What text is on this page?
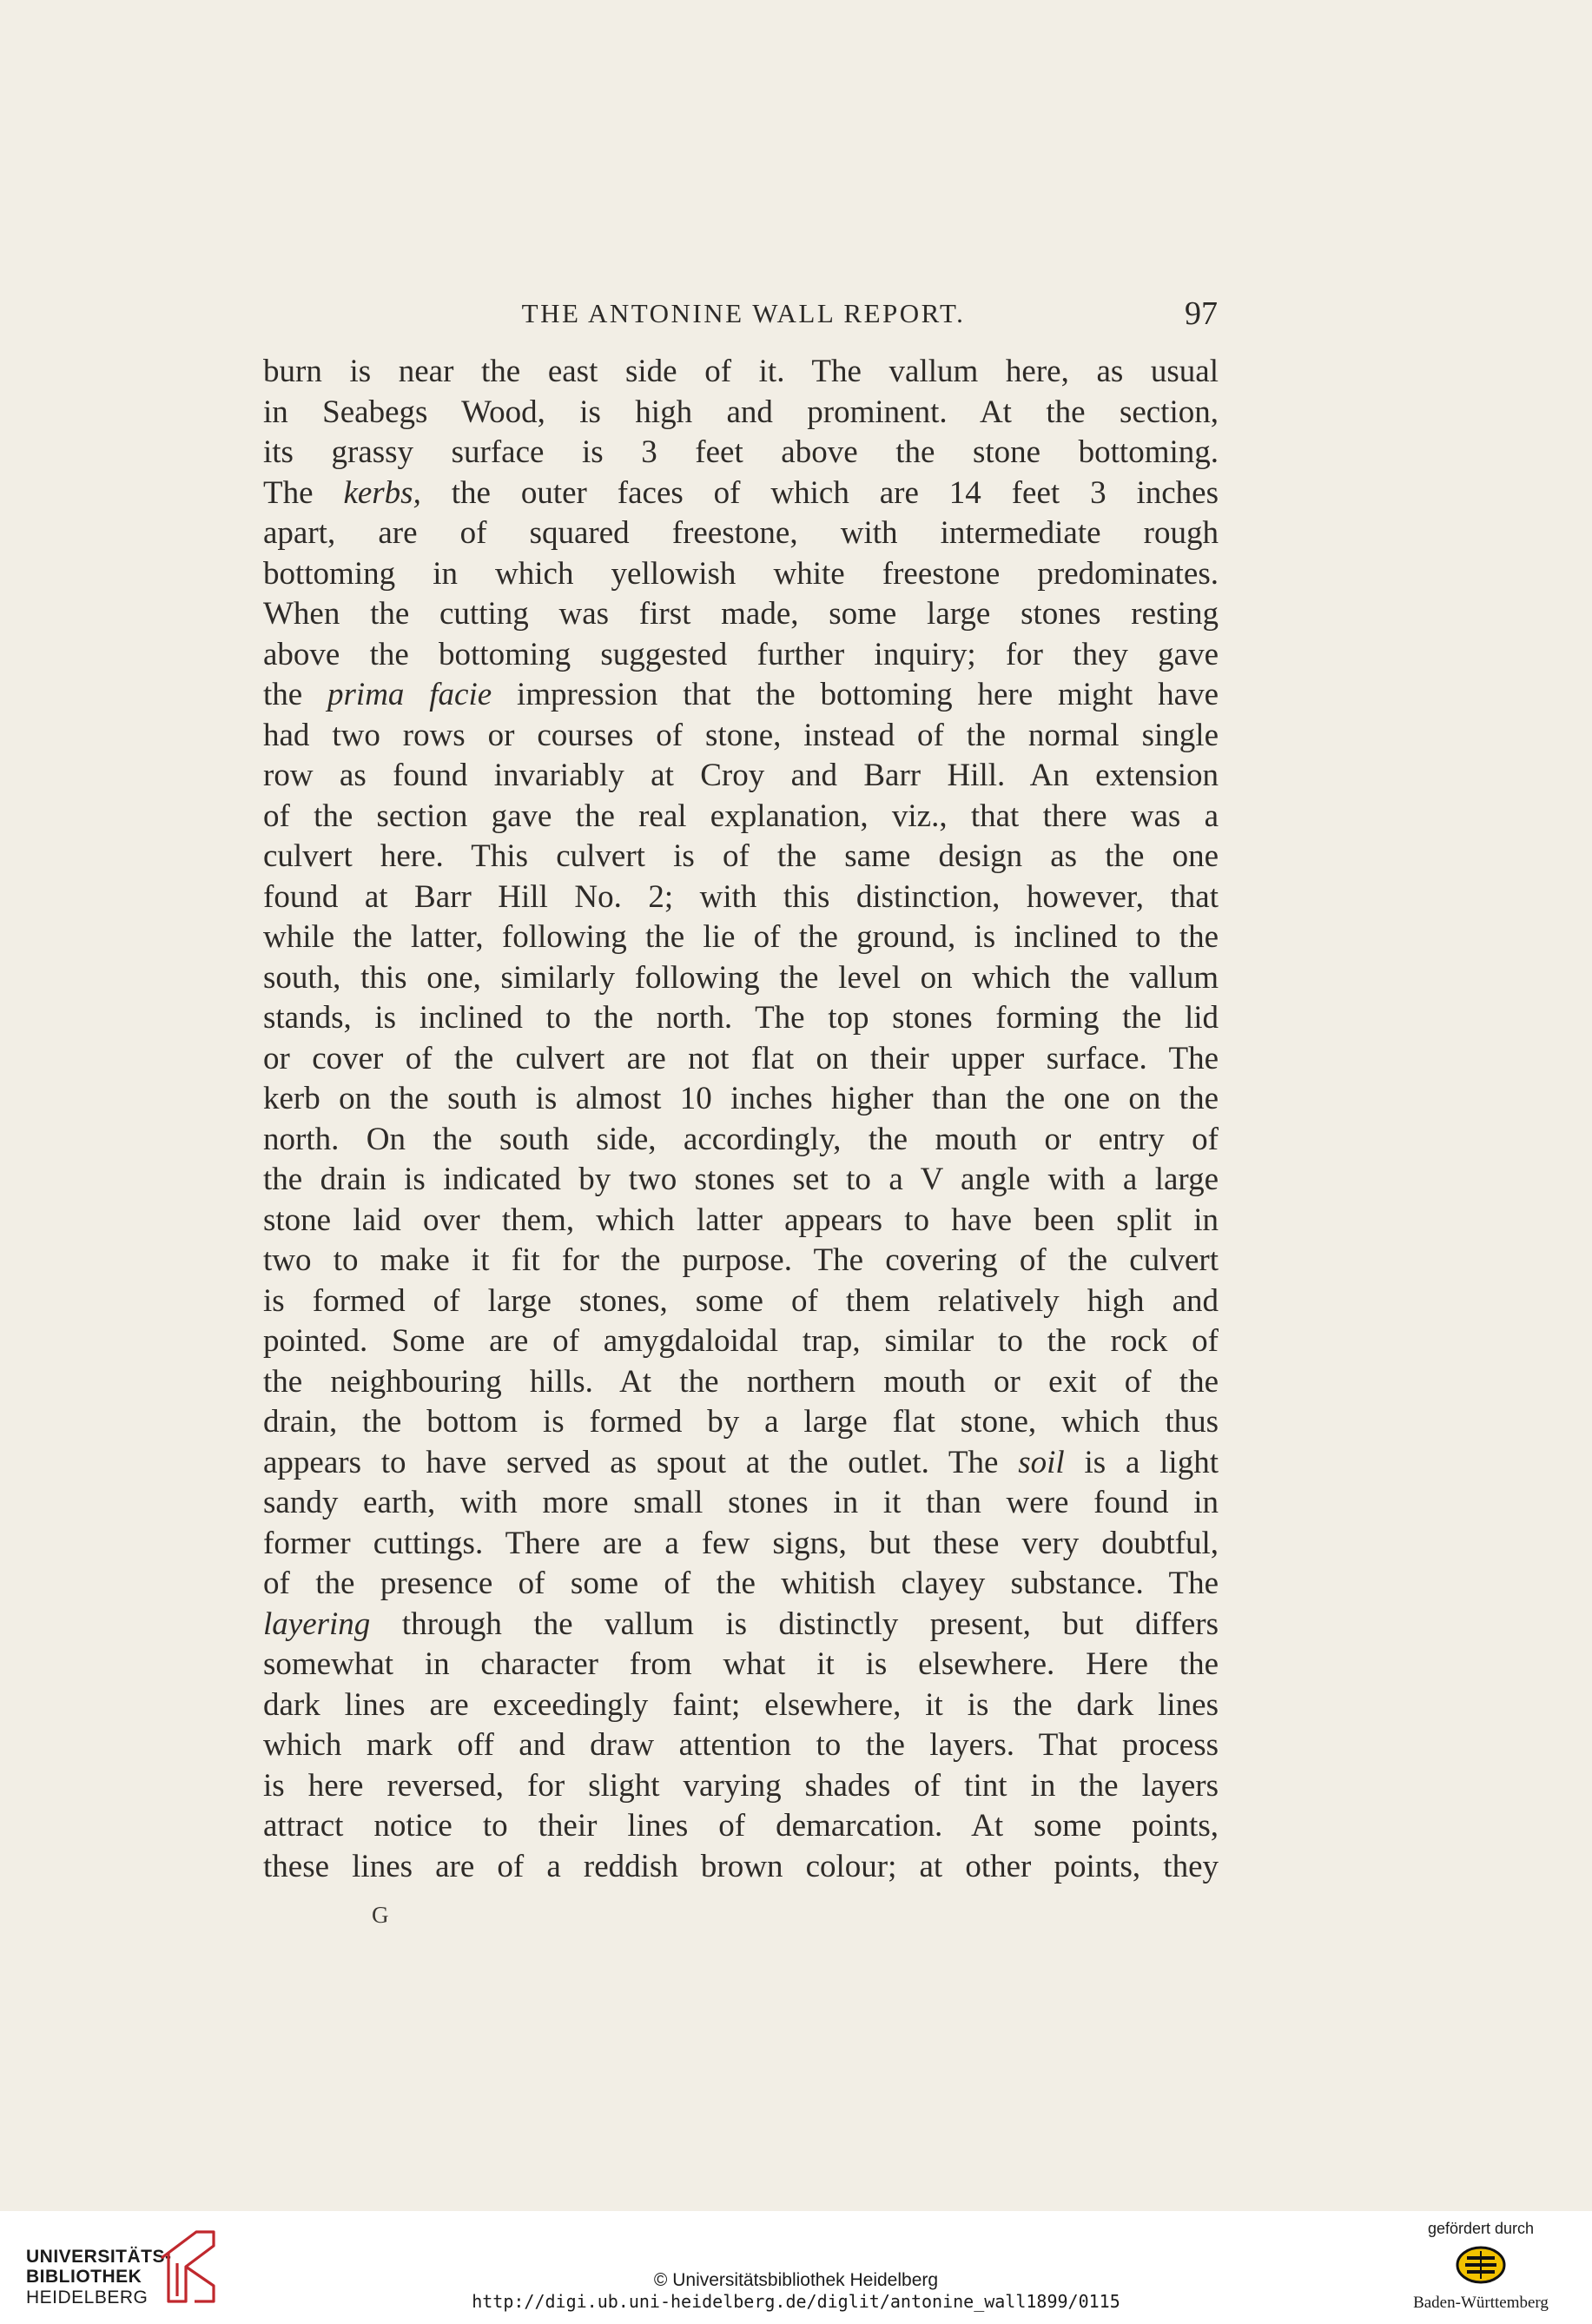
THE ANTONINE WALL REPORT.	97
burn is near the east side of it. The vallum here, as usual
in Seabegs Wood, is high and prominent. At the section,
its grassy surface is 3 feet above the stone bottoming.
The kerbs, the outer faces of which are 14 feet 3 inches
apart, are of squared freestone, with intermediate rough
bottoming in which yellowish white freestone predominates.
When the cutting was first made, some large stones resting
above the bottoming suggested further inquiry; for they gave
the prima facie impression that the bottoming here might have
had two rows or courses of stone, instead of the normal single
row as found invariably at Croy and Barr Hill. An extension
of the section gave the real explanation, viz., that there was a
culvert here. This culvert is of the same design as the one
found at Barr Hill No. 2; with this distinction, however, that
while the latter, following the lie of the ground, is inclined to the
south, this one, similarly following the level on which the vallum
stands, is inclined to the north. The top stones forming the lid
or cover of the culvert are not flat on their upper surface. The
kerb on the south is almost 10 inches higher than the one on the
north. On the south side, accordingly, the mouth or entry of
the drain is indicated by two stones set to a V angle with a large
stone laid over them, which latter appears to have been split in
two to make it fit for the purpose. The covering of the culvert
is formed of large stones, some of them relatively high and
pointed. Some are of amygdaloidal trap, similar to the rock of
the neighbouring hills. At the northern mouth or exit of the
drain, the bottom is formed by a large flat stone, which thus
appears to have served as spout at the outlet. The soil is a light
sandy earth, with more small stones in it than were found in
former cuttings. There are a few signs, but these very doubtful,
of the presence of some of the whitish clayey substance. The
layering through the vallum is distinctly present, but differs
somewhat in character from what it is elsewhere. Here the
dark lines are exceedingly faint; elsewhere, it is the dark lines
which mark off and draw attention to the layers. That process
is here reversed, for slight varying shades of tint in the layers
attract notice to their lines of demarcation. At some points,
these lines are of a reddish brown colour; at other points, they
G
UNIVERSITÄTS-
BIBLIOTHEK
HEIDELBERG
© Universitätsbibliothek Heidelberg
http://digi.ub.uni-heidelberg.de/diglit/antonine_wall1899/0115
gefördert durch
Baden-Württemberg
